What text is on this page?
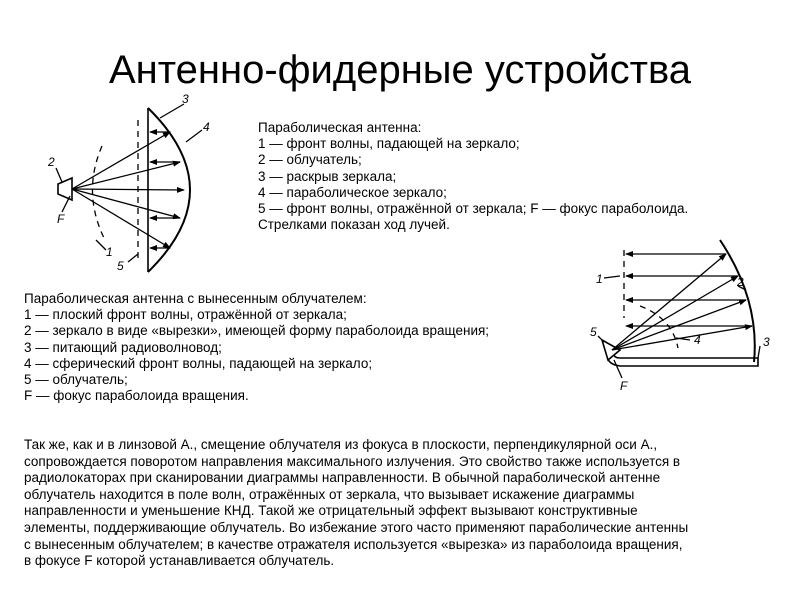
Антенно-фидерные устройства
Параболическая антенна:
1 — фронт волны, падающей на зеркало;
2 — облучатель;
3 — раскрыв зеркала;
4 — параболическое зеркало;
5 — фронт волны, отражённой от зеркала; F — фокус параболоида.
Стрелками показан ход лучей.
Параболическая антенна с вынесенным облучателем:
1 — плоский фронт волны, отражённой от зеркала;
2 — зеркало в виде «вырезки», имеющей форму параболоида вращения;
3 — питающий радиоволновод;
4 — сферический фронт волны, падающей на зеркало;
5 — облучатель;
F — фокус параболоида вращения.
Так же, как и в линзовой А., смещение облучателя из фокуса в плоскости, перпендикулярной оси А.,
сопровождается поворотом направления максимального излучения. Это свойство также используется в
радиолокаторах при сканировании диаграммы направленности. В обычной параболической антенне
облучатель находится в поле волн, отражённых от зеркала, что вызывает искажение диаграммы
направленности и уменьшение КНД. Такой же отрицательный эффект вызывают конструктивные
элементы, поддерживающие облучатель. Во избежание этого часто применяют параболические антенны
с вынесенным облучателем; в качестве отражателя используется «вырезка» из параболоида вращения,
в фокусе F которой устанавливается облучатель.
3
4
2
F
1
5
1	2
3
4
5
F
